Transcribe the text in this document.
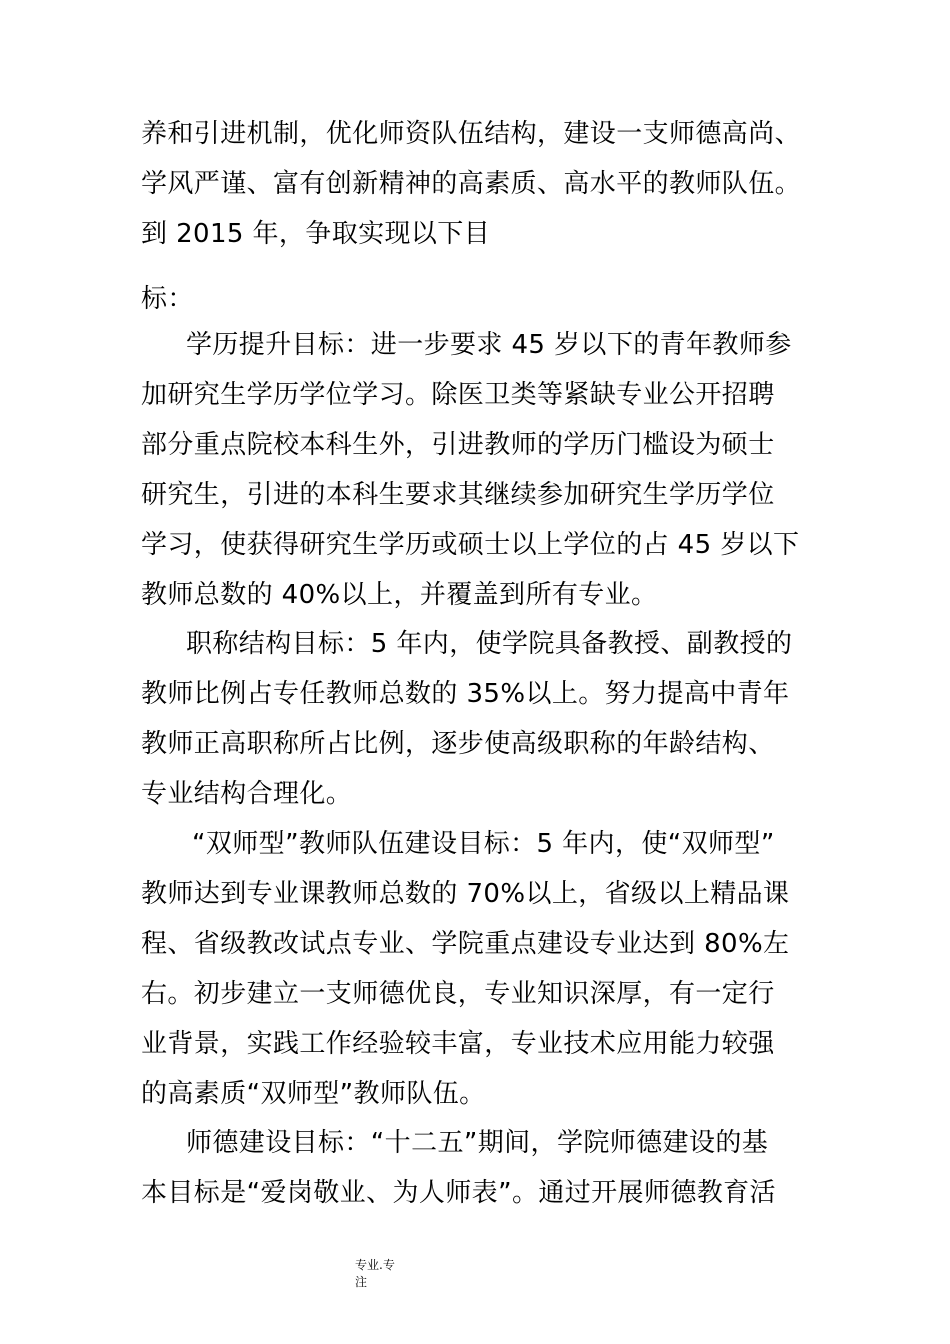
养和引进机制，优化师资队伍结构，建设一支师德高尚、
学风严谨、富有创新精神的高素质、高水平的教师队伍。
到 2015 年，争取实现以下目
标：
学历提升目标：进一步要求 45 岁以下的青年教师参
加研究生学历学位学习。除医卫类等紧缺专业公开招聘
部分重点院校本科生外，引进教师的学历门槛设为硕士
研究生，引进的本科生要求其继续参加研究生学历学位
学习，使获得研究生学历或硕士以上学位的占 45 岁以下
教师总数的 40%以上，并覆盖到所有专业。
职称结构目标：5 年内，使学院具备教授、副教授的
教师比例占专任教师总数的 35%以上。努力提高中青年
教师正高职称所占比例，逐步使高级职称的年龄结构、
专业结构合理化。
“双师型”教师队伍建设目标：5 年内，使“双师型”
教师达到专业课教师总数的 70%以上，省级以上精品课
程、省级教改试点专业、学院重点建设专业达到 80%左
右。初步建立一支师德优良，专业知识深厚，有一定行
业背景，实践工作经验较丰富，专业技术应用能力较强
的高素质“双师型”教师队伍。
师德建设目标：“十二五”期间，学院师德建设的基
本目标是“爱岗敬业、为人师表”。通过开展师德教育活
专业.专
注
